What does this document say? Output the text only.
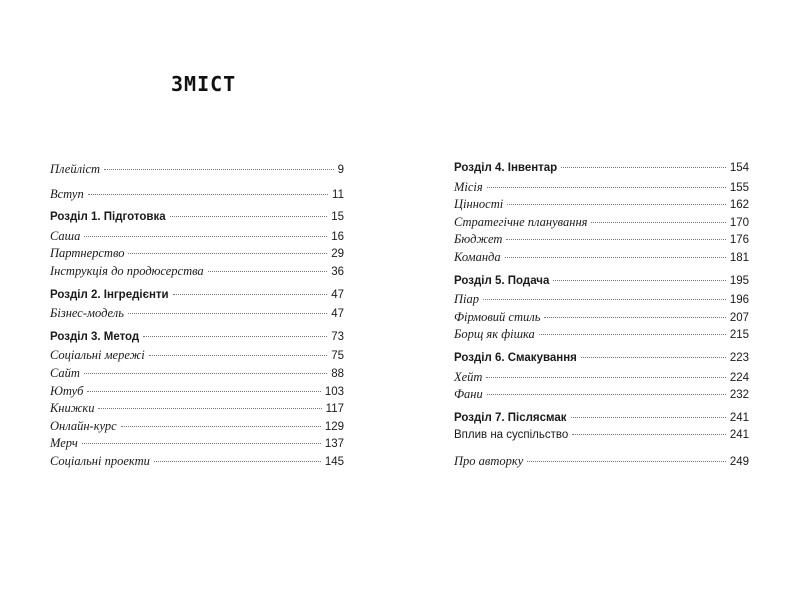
ЗМІСТ
Плейліст	9
Вступ	11
Розділ 1. Підготовка	15
Саша	16
Партнерство	29
Інструкція до продюсерства	36
Розділ 2. Інгредієнти	47
Бізнес-модель	47
Розділ 3. Метод	73
Соціальні мережі	75
Сайт	88
Ютуб	103
Книжки	117
Онлайн-курс	129
Мерч	137
Соціальні проекти	145
Розділ 4. Інвентар	154
Місія	155
Цінності	162
Стратегічне планування	170
Бюджет	176
Команда	181
Розділ 5. Подача	195
Піар	196
Фірмовий стиль	207
Борщ як фішка	215
Розділ 6. Смакування	223
Хейт	224
Фани	232
Розділ 7. Післясмак	241
Вплив на суспільство	241
Про авторку	249
